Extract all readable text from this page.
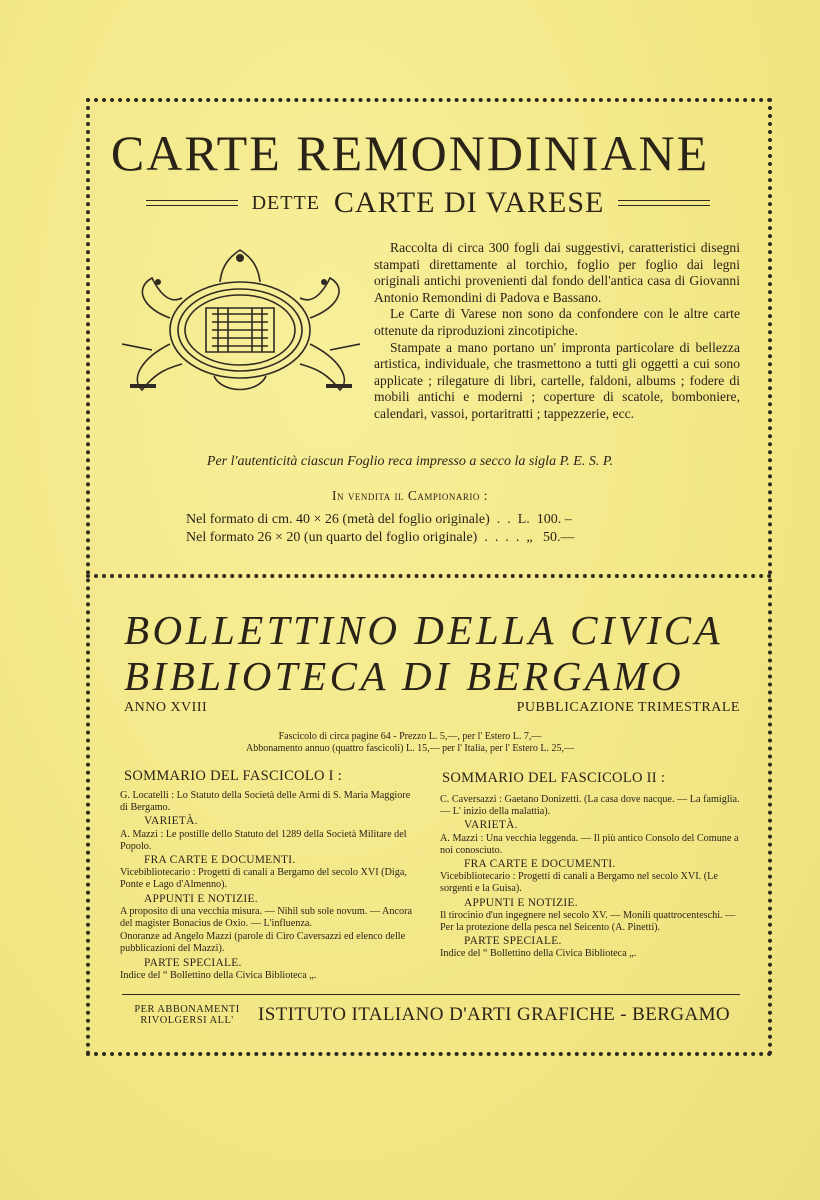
CARTE REMONDINIANE
DETTE CARTE DI VARESE

Raccolta di circa 300 fogli dai suggestivi, caratteristici disegni stampati direttamente al torchio, foglio per foglio dai legni originali antichi provenienti dal fondo dell'antica casa di Giovanni Antonio Remondini di Padova e Bassano.

Le Carte di Varese non sono da confondere con le altre carte ottenute da riproduzioni zincotipiche.

Stampate a mano portano un' impronta particolare di bellezza artistica, individuale, che trasmettono a tutti gli oggetti a cui sono applicate ; rilegature di libri, cartelle, faldoni, albums ; fodere di mobili antichi e moderni ; coperture di scatole, bomboniere, calendari, vassoi, portaritratti ; tappezzerie, ecc.

Per l'autenticità ciascun Foglio reca impresso a secco la sigla P. E. S. P.
In vendita il Campionario :
Nel formato di cm. 40 × 26 (metà del foglio originale)  .  .  L.  100. –
Nel formato 26 × 20 (un quarto del foglio originale)  .  .  .  .  „   50.—
BOLLETTINO DELLA CIVICA
BIBLIOTECA DI BERGAMO
ANNO XVIII	PUBBLICAZIONE TRIMESTRALE
Fascicolo di circa pagine 64 - Prezzo L. 5,—, per l' Estero L. 7,—
Abbonamento annuo (quattro fascicoli) L. 15,— per l' Italia, per l' Estero L. 25,—
SOMMARIO DEL FASCICOLO I :	SOMMARIO DEL FASCICOLO II :
G. Locatelli : Lo Statuto della Società delle Armi di S. Maria Maggiore di Bergamo.
VARIETÀ.
A. Mazzi : Le postille dello Statuto del 1289 della Società Militare del Popolo.
FRA CARTE E DOCUMENTI.
Vicebibliotecario : Progetti di canali a Bergamo del secolo XVI (Diga, Ponte e Lago d'Almenno).
APPUNTI E NOTIZIE.
A proposito di una vecchia misura. — Nihil sub sole novum. — Ancora del magister Bonacius de Oxio. — L'influenza.
Onoranze ad Angelo Mazzi (parole di Ciro Caversazzi ed elenco delle pubblicazioni del Mazzi).
PARTE SPECIALE.
Indice del “ Bollettino della Civica Biblioteca „.
C. Caversazzi : Gaetano Donizetti. (La casa dove nacque. — La famiglia. — L' inizio della malattia).
VARIETÀ.
A. Mazzi : Una vecchia leggenda. — Il più antico Consolo del Comune a noi conosciuto.
FRA CARTE E DOCUMENTI.
Vicebibliotecario : Progetti di canali a Bergamo nel secolo XVI. (Le sorgenti e la Guisa).
APPUNTI E NOTIZIE.
Il tirocinio d'un ingegnere nel secolo XV. — Monili quattrocenteschi. — Per la protezione della pesca nel Seicento (A. Pinetti).
PARTE SPECIALE.
Indice del “ Bollettino della Civica Biblioteca „.
PER ABBONAMENTI
RIVOLGERSI ALL'	ISTITUTO ITALIANO D'ARTI GRAFICHE - BERGAMO
